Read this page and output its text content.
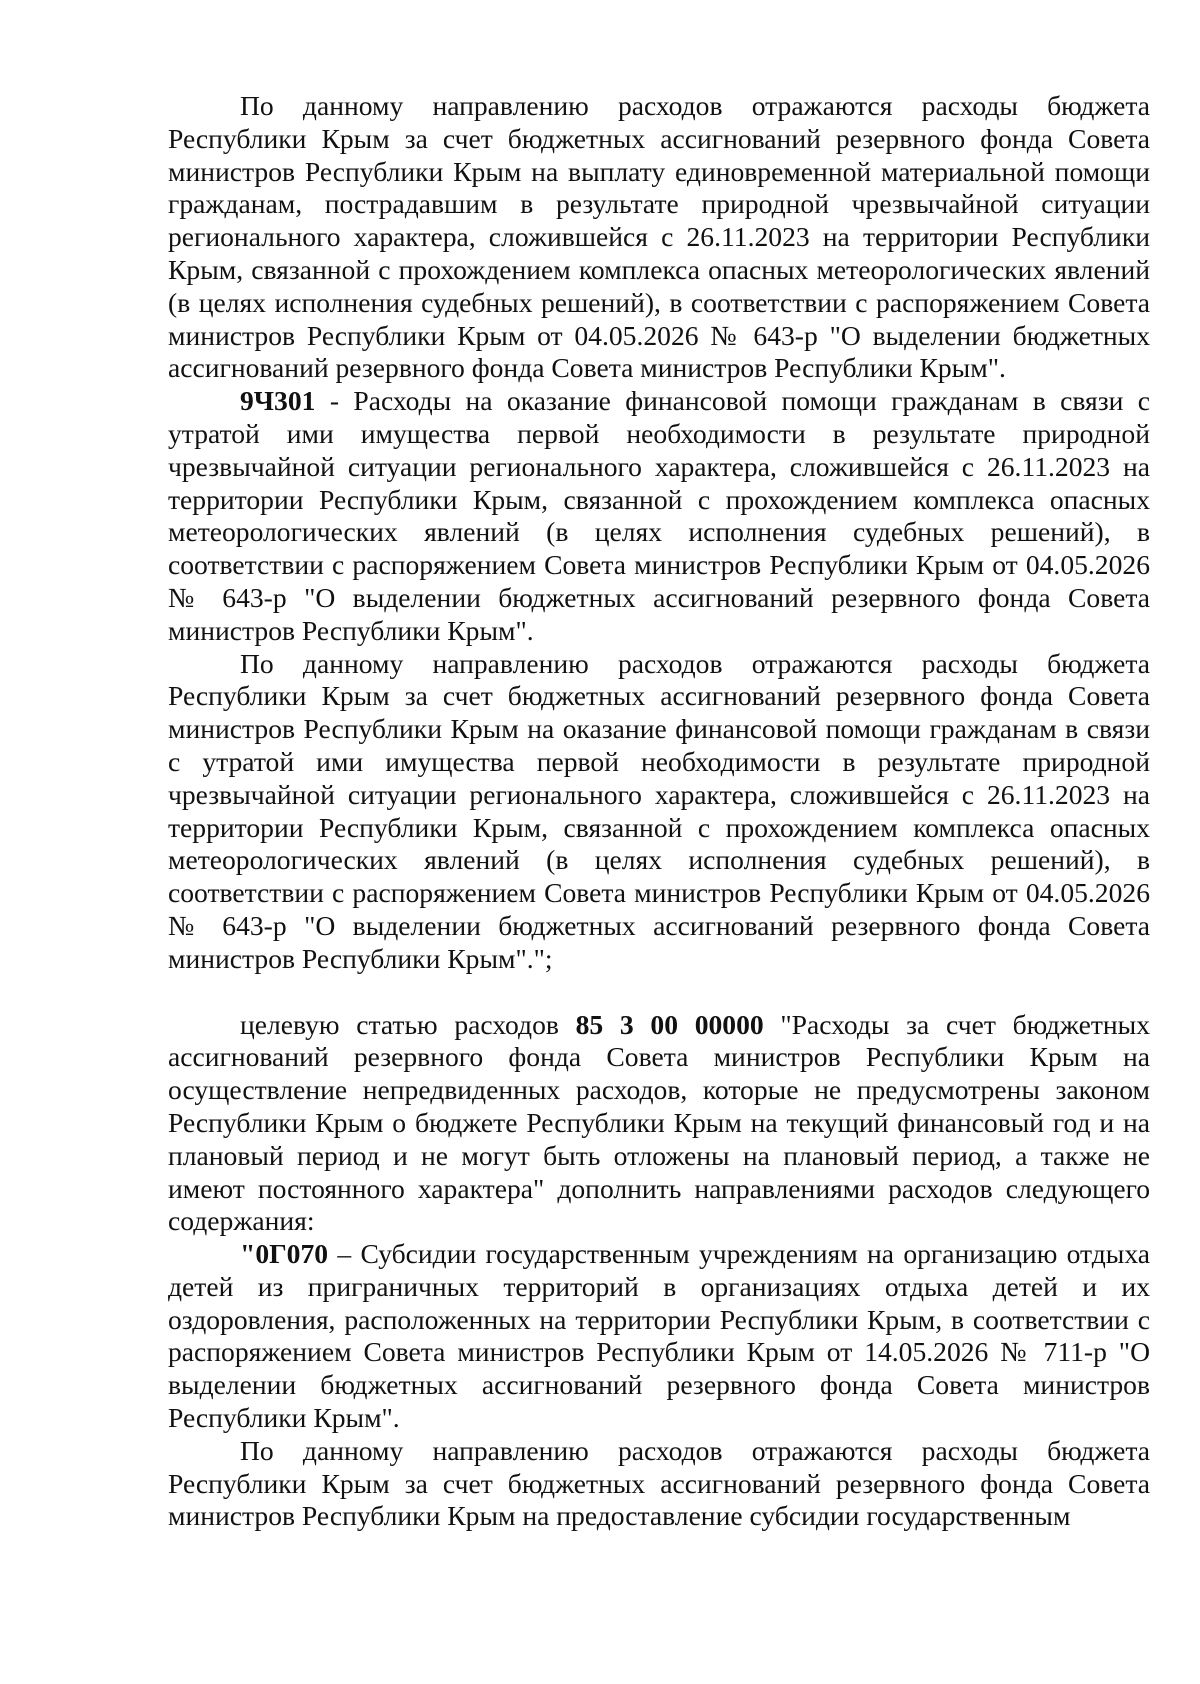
По данному направлению расходов отражаются расходы бюджета Республики Крым за счет бюджетных ассигнований резервного фонда Совета министров Республики Крым на выплату единовременной материальной помощи гражданам, пострадавшим в результате природной чрезвычайной ситуации регионального характера, сложившейся с 26.11.2023 на территории Республики Крым, связанной с прохождением комплекса опасных метеорологических явлений (в целях исполнения судебных решений), в соответствии с распоряжением Совета министров Республики Крым от 04.05.2026 № 643-р "О выделении бюджетных ассигнований резервного фонда Совета министров Республики Крым".

9Ч301 - Расходы на оказание финансовой помощи гражданам в связи с утратой ими имущества первой необходимости в результате природной чрезвычайной ситуации регионального характера, сложившейся с 26.11.2023 на территории Республики Крым, связанной с прохождением комплекса опасных метеорологических явлений (в целях исполнения судебных решений), в соответствии с распоряжением Совета министров Республики Крым от 04.05.2026 № 643-р "О выделении бюджетных ассигнований резервного фонда Совета министров Республики Крым".

По данному направлению расходов отражаются расходы бюджета Республики Крым за счет бюджетных ассигнований резервного фонда Совета министров Республики Крым на оказание финансовой помощи гражданам в связи с утратой ими имущества первой необходимости в результате природной чрезвычайной ситуации регионального характера, сложившейся с 26.11.2023 на территории Республики Крым, связанной с прохождением комплекса опасных метеорологических явлений (в целях исполнения судебных решений), в соответствии с распоряжением Совета министров Республики Крым от 04.05.2026 № 643-р "О выделении бюджетных ассигнований резервного фонда Совета министров Республики Крым".";

целевую статью расходов 85 3 00 00000 "Расходы за счет бюджетных ассигнований резервного фонда Совета министров Республики Крым на осуществление непредвиденных расходов, которые не предусмотрены законом Республики Крым о бюджете Республики Крым на текущий финансовый год и на плановый период и не могут быть отложены на плановый период, а также не имеют постоянного характера" дополнить направлениями расходов следующего содержания:

"0Г070 – Субсидии государственным учреждениям на организацию отдыха детей из приграничных территорий в организациях отдыха детей и их оздоровления, расположенных на территории Республики Крым, в соответствии с распоряжением Совета министров Республики Крым от 14.05.2026 № 711-р "О выделении бюджетных ассигнований резервного фонда Совета министров Республики Крым".

По данному направлению расходов отражаются расходы бюджета Республики Крым за счет бюджетных ассигнований резервного фонда Совета министров Республики Крым на предоставление субсидии государственным
